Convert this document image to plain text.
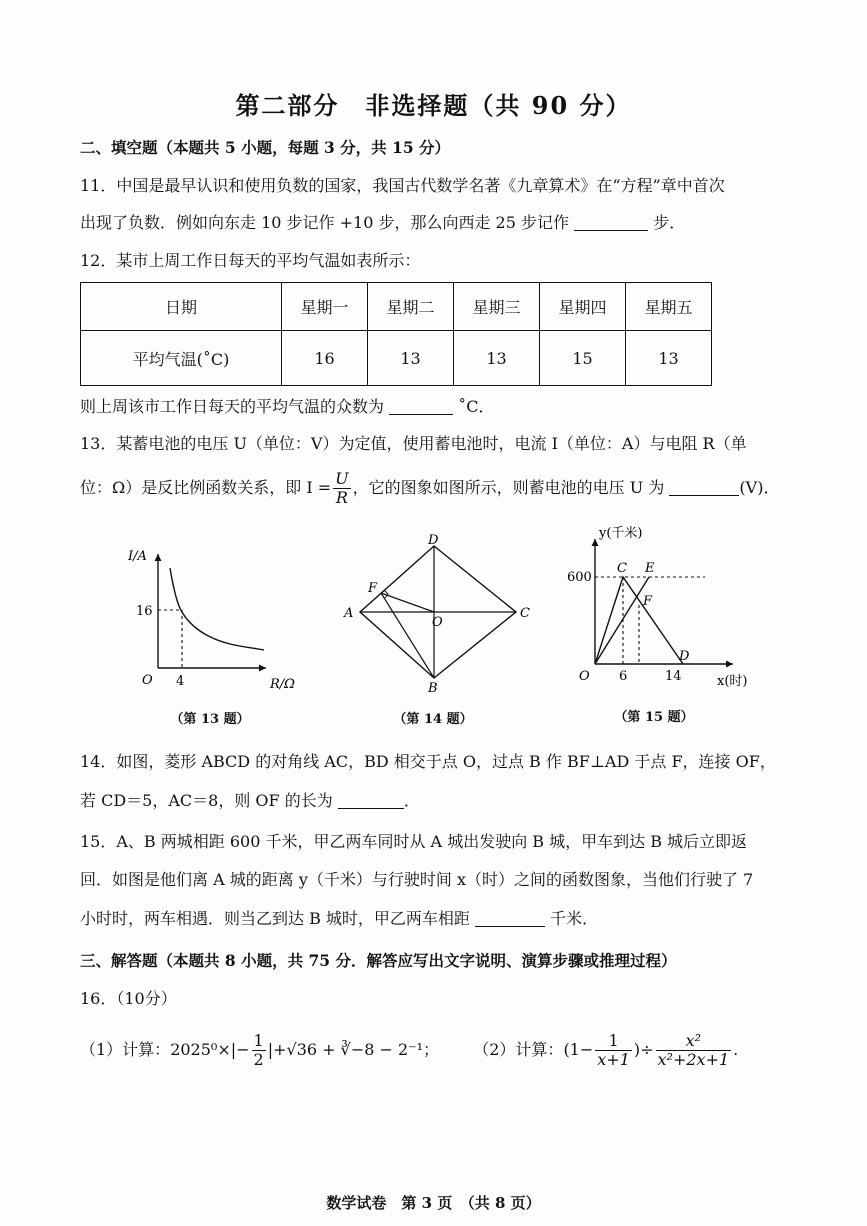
第二部分　非选择题（共 90 分）
二、填空题（本题共 5 小题，每题 3 分，共 15 分）
11．中国是最早认识和使用负数的国家，我国古代数学名著《九章算术》在“方程”章中首次
出现了负数．例如向东走 10 步记作 +10 步，那么向西走 25 步记作	步．
12．某市上周工作日每天的平均气温如表所示：
日期	星期一	星期二	星期三	星期四	星期五
平均气温(˚C)	16	13	13	15	13
则上周该市工作日每天的平均气温的众数为	˚C．
13．某蓄电池的电压 U（单位：V）为定值，使用蓄电池时，电流 I（单位：A）与电阻 R（单
位：Ω）是反比例函数关系，即 $I = \frac{U}{R}$ ，它的图象如图所示，则蓄电池的电压 U 为	(V)．
I/A
R/Ω
O
16
4
（第 13 题）
A
B
C
D
O
F
（第 14 题）
y(千米)
x(时)
O
600
6	14
C E
F
D
（第 15 题）
14．如图，菱形 ABCD 的对角线 AC，BD 相交于点 O，过点 B 作 BF⊥AD 于点 F，连接 OF，
若 CD＝5，AC＝8，则 OF 的长为	．
15．A、B 两城相距 600 千米，甲乙两车同时从 A 城出发驶向 B 城，甲车到达 B 城后立即返
回．如图是他们离 A 城的距离 y（千米）与行驶时间 x（时）之间的函数图象，当他们行驶了 7
小时时，两车相遇．则当乙到达 B 城时，甲乙两车相距	千米．
三、解答题（本题共 8 小题，共 75 分．解答应写出文字说明、演算步骤或推理过程）
16．（10分）
（1）计算：$2025^0\times|- \frac{1}{2} |+√36$ + ∛−8 − 2⁻¹； （2）计算：($1- \frac{1}{x+1}$ )÷ $\frac{\text{x²}}{\text{x²+2x+1}}$ .
数学试卷　第 3 页　（共 8 页）
